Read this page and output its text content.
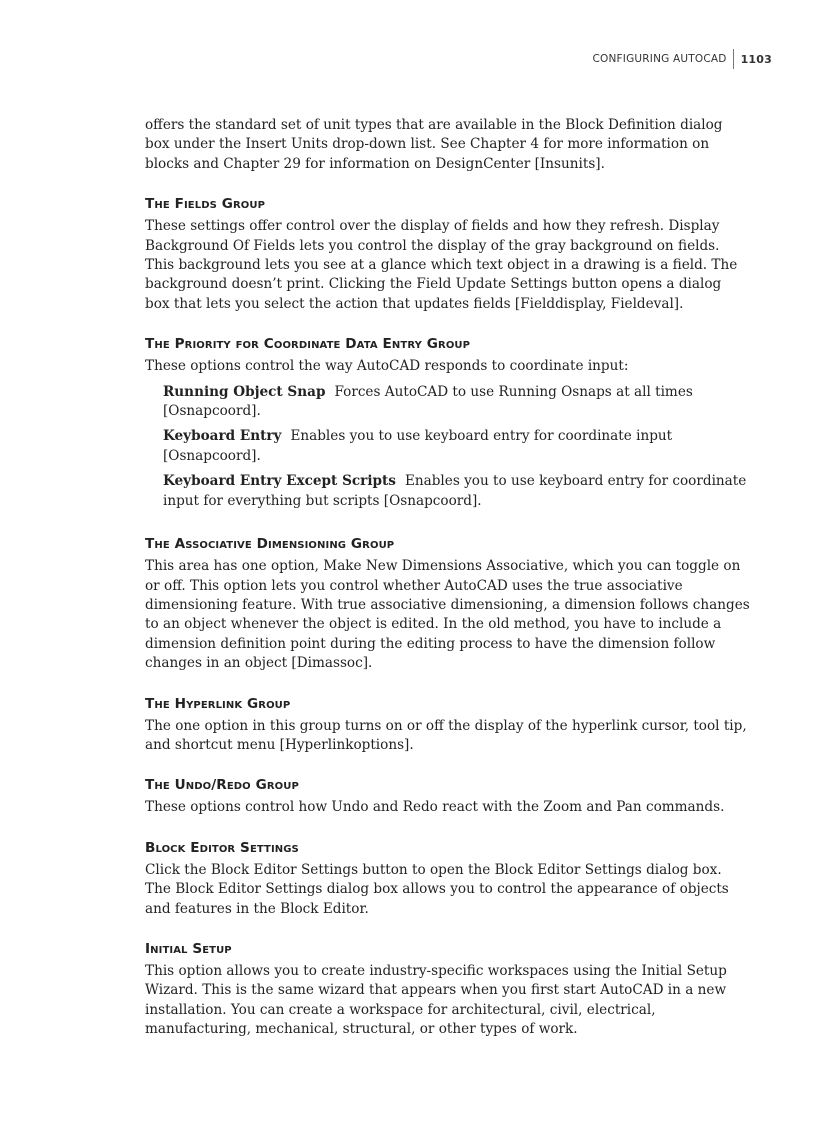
CONFIGURING AUTOCAD	1103

offers the standard set of unit types that are available in the Block Definition dialog box under the Insert Units drop-down list. See Chapter 4 for more information on blocks and Chapter 29 for information on DesignCenter [Insunits].

The Fields Group

These settings offer control over the display of fields and how they refresh. Display Background Of Fields lets you control the display of the gray background on fields. This background lets you see at a glance which text object in a drawing is a field. The background doesn’t print. Clicking the Field Update Settings button opens a dialog box that lets you select the action that updates fields [Fielddisplay, Fieldeval].

The Priority for Coordinate Data Entry Group

These options control the way AutoCAD responds to coordinate input:

Running Object Snap Forces AutoCAD to use Running Osnaps at all times [Osnapcoord].

Keyboard Entry Enables you to use keyboard entry for coordinate input [Osnapcoord].

Keyboard Entry Except Scripts Enables you to use keyboard entry for coordinate input for everything but scripts [Osnapcoord].

The Associative Dimensioning Group

This area has one option, Make New Dimensions Associative, which you can toggle on or off. This option lets you control whether AutoCAD uses the true associative dimensioning feature. With true associative dimensioning, a dimension follows changes to an object whenever the object is edited. In the old method, you have to include a dimension definition point during the editing process to have the dimension follow changes in an object [Dimassoc].

The Hyperlink Group

The one option in this group turns on or off the display of the hyperlink cursor, tool tip, and shortcut menu [Hyperlinkoptions].

The Undo/Redo Group

These options control how Undo and Redo react with the Zoom and Pan commands.

Block Editor Settings

Click the Block Editor Settings button to open the Block Editor Settings dialog box. The Block Editor Settings dialog box allows you to control the appearance of objects and features in the Block Editor.

Initial Setup

This option allows you to create industry-specific workspaces using the Initial Setup Wizard. This is the same wizard that appears when you first start AutoCAD in a new installation. You can create a workspace for architectural, civil, electrical, manufacturing, mechanical, structural, or other types of work.
